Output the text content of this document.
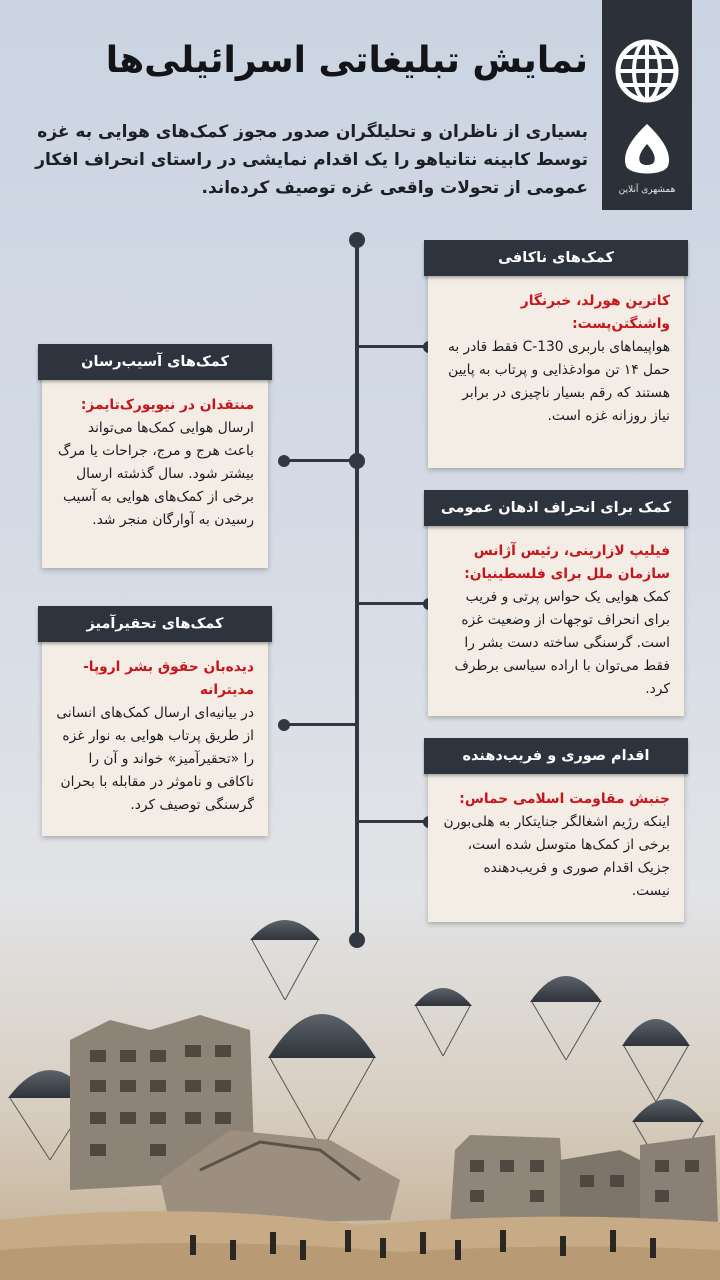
همشهری آنلاین
نمایش تبلیغاتی اسرائیلی‌ها

بسیاری از ناظران و تحلیلگران صدور مجوز کمک‌های هوایی به غزه توسط کابینه نتانیاهو را یک اقدام نمایشی در راستای انحراف افکار عمومی از تحولات واقعی غزه توصیف کرده‌اند.

کمک‌های ناکافی
کاترین هورلد، خبرنگار واشنگتن‌پست:
هواپیماهای باربری C-130 فقط قادر به حمل ۱۴ تن موادغذایی و پرتاب به پایین هستند که رقم بسیار ناچیزی در برابر نیاز روزانه غزه است.
کمک‌های آسیب‌رسان
منتقدان در نیویورک‌تایمز:
ارسال هوایی کمک‌ها می‌تواند باعث هرج و مرج، جراحات یا مرگ بیشتر شود. سال گذشته ارسال برخی از کمک‌های هوایی به آسیب رسیدن به آوارگان منجر شد.
کمک برای انحراف اذهان عمومی
فیلیپ لازارینی، رئیس آژانس سازمان ملل برای فلسطینیان:
کمک هوایی یک حواس پرتی و فریب برای انحراف توجهات از وضعیت غزه است. گرسنگی ساخته دست بشر را فقط می‌توان با اراده سیاسی برطرف کرد.
کمک‌های تحقیرآمیز
دیده‌بان حقوق بشر اروپا-مدیترانه
در بیانیه‌ای ارسال کمک‌های انسانی از طریق پرتاب هوایی به نوار غزه را «تحقیرآمیز» خواند و آن را ناکافی و ناموثر در مقابله با بحران گرسنگی توصیف کرد.
اقدام صوری و فریب‌دهنده
جنبش مقاومت اسلامی حماس:
اینکه رژیم اشغالگر جنایتکار به هلی‌بورن برخی از کمک‌ها متوسل شده است، جزیک اقدام صوری و فریب‌دهنده نیست.
